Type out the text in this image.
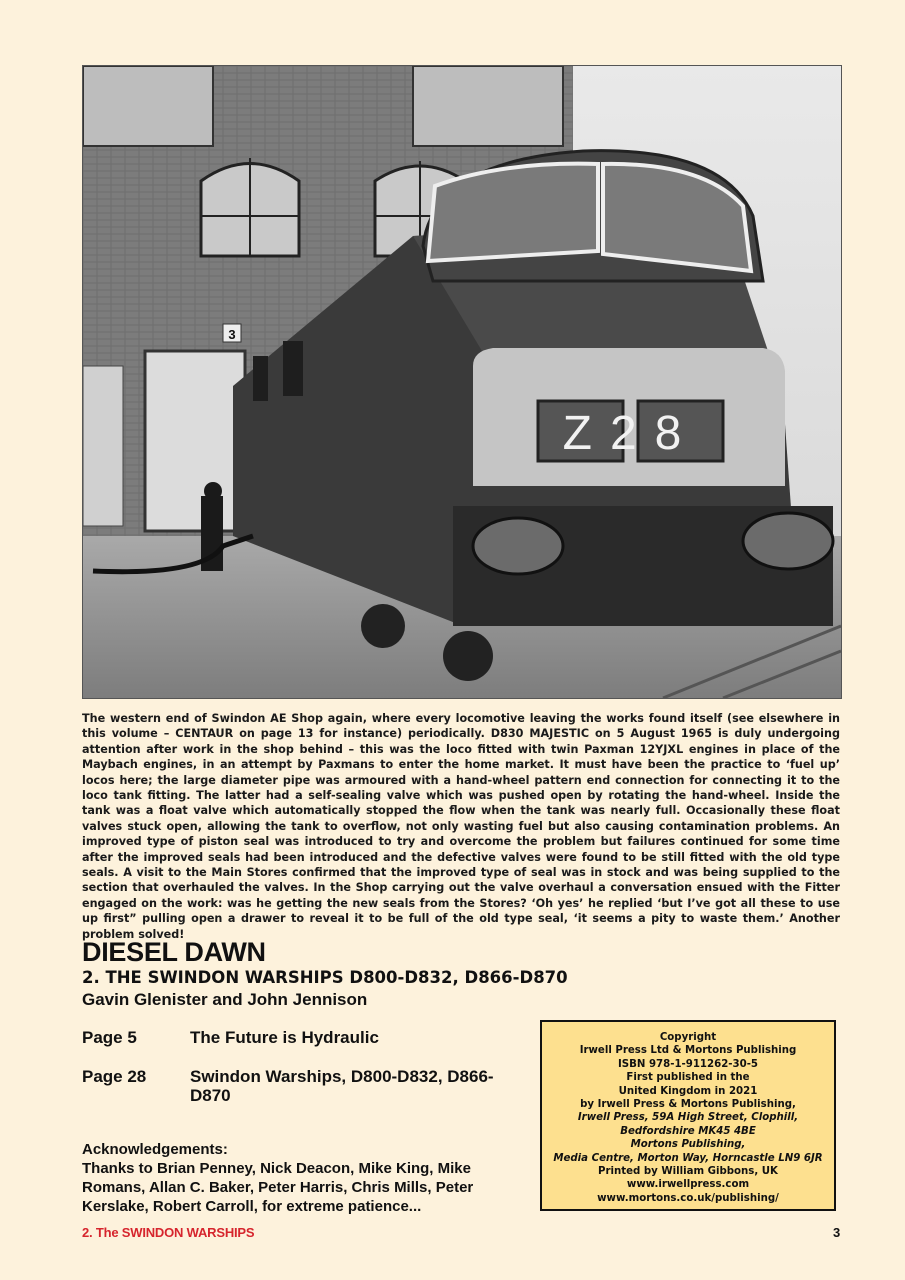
3
Z28

The western end of Swindon AE Shop again, where every locomotive leaving the works found itself (see elsewhere in this volume – CENTAUR on page 13 for instance) periodically. D830 MAJESTIC on 5 August 1965 is duly undergoing attention after work in the shop behind – this was the loco fitted with twin Paxman 12YJXL engines in place of the Maybach engines, in an attempt by Paxmans to enter the home market. It must have been the practice to ‘fuel up’ locos here; the large diameter pipe was armoured with a hand-wheel pattern end connection for connecting it to the loco tank fitting. The latter had a self-sealing valve which was pushed open by rotating the hand-wheel. Inside the tank was a float valve which automatically stopped the flow when the tank was nearly full. Occasionally these float valves stuck open, allowing the tank to overflow, not only wasting fuel but also causing contamination problems. An improved type of piston seal was introduced to try and overcome the problem but failures continued for some time after the improved seals had been introduced and the defective valves were found to be still fitted with the old type seals. A visit to the Main Stores confirmed that the improved type of seal was in stock and was being supplied to the section that overhauled the valves. In the Shop carrying out the valve overhaul a conversation ensued with the Fitter engaged on the work: was he getting the new seals from the Stores? ‘Oh yes’ he replied ‘but I’ve got all these to use up first” pulling open a drawer to reveal it to be full of the old type seal, ‘it seems a pity to waste them.’ Another problem solved!

DIESEL DAWN
2. THE SWINDON WARSHIPS D800-D832, D866-D870

Gavin Glenister and John Jennison

Page 5	The Future is Hydraulic
Page 28	Swindon Warships, D800-D832, D866-D870
Acknowledgements:
Thanks to Brian Penney, Nick Deacon, Mike King, Mike Romans, Allan C. Baker, Peter Harris, Chris Mills, Peter Kerslake, Robert Carroll, for extreme patience...
Copyright
Irwell Press Ltd & Mortons Publishing
ISBN 978-1-911262-30-5
First published in the
United Kingdom in 2021
by Irwell Press & Mortons Publishing,
Irwell Press, 59A High Street, Clophill,
Bedfordshire MK45 4BE
Mortons Publishing,
Media Centre, Morton Way, Horncastle LN9 6JR
Printed by William Gibbons, UK
www.irwellpress.com
www.mortons.co.uk/publishing/

2. The SWINDON WARSHIPS	3
